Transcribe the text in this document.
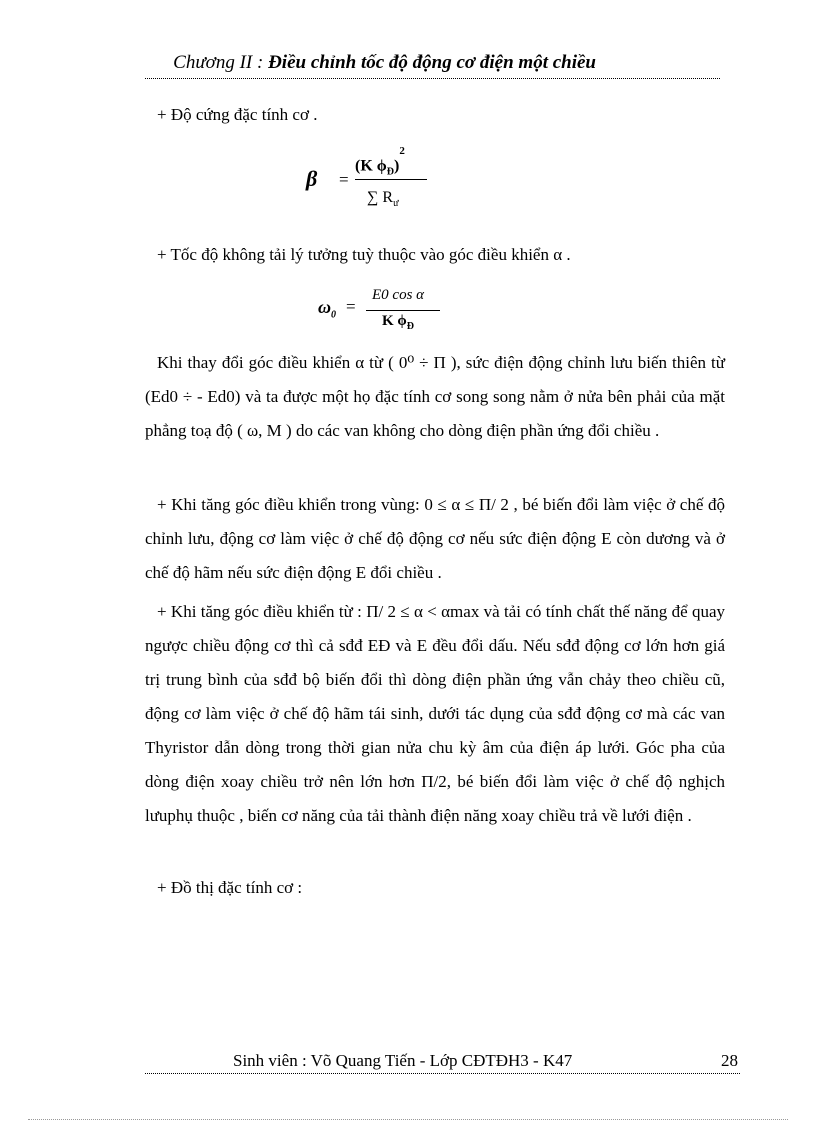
Chương II : Điều chỉnh tốc độ động cơ điện một chiều
+ Độ cứng đặc tính cơ .
β =
(K $\phi_Đ)^2$
∑ $R_ư$
+ Tốc độ không tải lý tưởng tuỳ thuộc vào góc điều khiển α .
$\omega_0$ =
E0 cos α
K $\phi_Đ$
Khi thay đổi góc điều khiển α từ ( 0⁰ ÷ Π ), sức điện động chỉnh lưu biến thiên từ (Ed0 ÷ - Ed0) và ta được một họ đặc tính cơ song song nằm ở nửa bên phải của mặt phẳng toạ độ ( ω, M ) do các van không cho dòng điện phần ứng đổi chiều .
+ Khi tăng góc điều khiển trong vùng: 0 ≤ α ≤ Π/ 2 , bé biến đổi làm việc ở chế độ chỉnh lưu, động cơ làm việc ở chế độ động cơ nếu sức điện động E còn dương và ở chế độ hãm nếu sức điện động E đổi chiều .
+ Khi tăng góc điều khiển từ : Π/ 2 ≤ α < αmax và tải có tính chất thế năng để quay ngược chiều động cơ thì cả sđđ EĐ và E đều đổi dấu. Nếu sđđ động cơ lớn hơn giá trị trung bình của sđđ bộ biến đổi thì dòng điện phần ứng vẫn chảy theo chiều cũ, động cơ làm việc ở chế độ hãm tái sinh, dưới tác dụng của sđđ động cơ mà các van Thyristor dẫn dòng trong thời gian nửa chu kỳ âm của điện áp lưới. Góc pha của dòng điện xoay chiều trở nên lớn hơn Π/2, bé biến đổi làm việc ở chế độ nghịch lưuphụ thuộc , biến cơ năng của tải thành điện năng xoay chiều trả về lưới điện .
+ Đồ thị đặc tính cơ :
Sinh viên : Võ Quang Tiến - Lớp CĐTĐH3 - K47	28
